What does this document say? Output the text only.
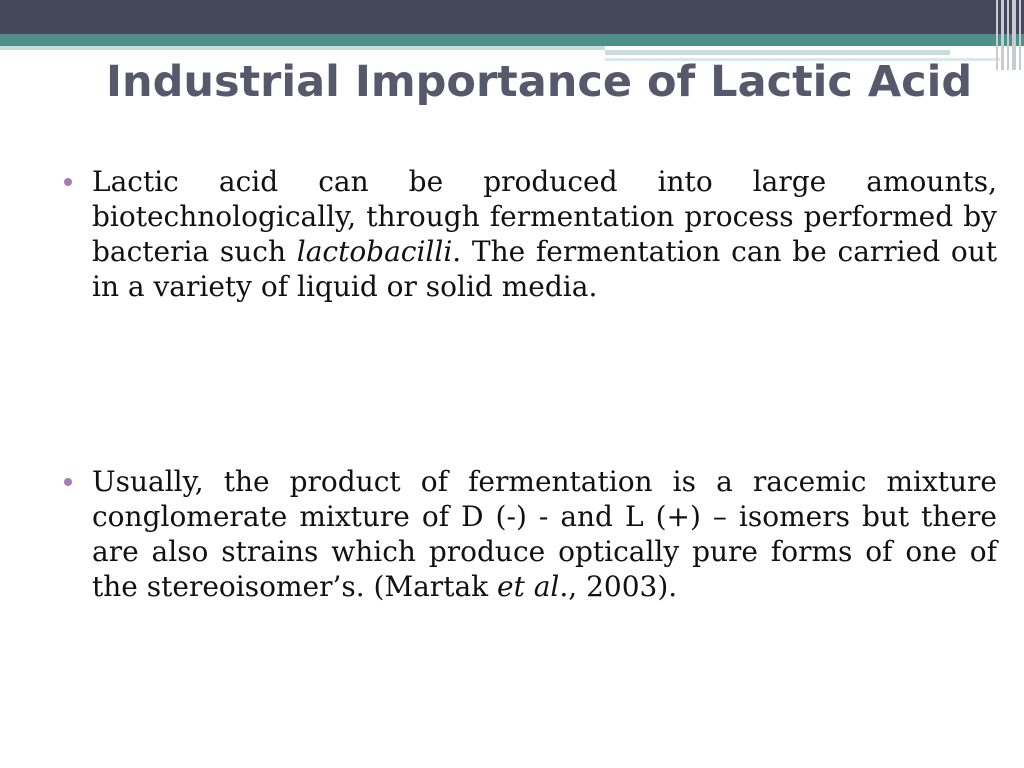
Industrial Importance of Lactic Acid

Lactic acid can be produced into large amounts, biotechnologically, through fermentation process performed by bacteria such lactobacilli. The fermentation can be carried out in a variety of liquid or solid media.

Usually, the product of fermentation is a racemic mixture conglomerate mixture of D (-) - and L (+) – isomers but there are also strains which produce optically pure forms of one of the stereoisomer’s. (Martak et al., 2003).
